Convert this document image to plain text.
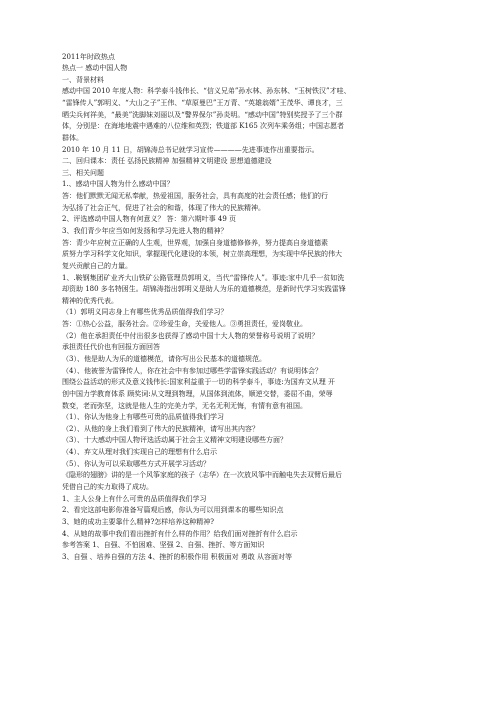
2011年时政热点
热点一 感动中国人物
一、背景材料
感动中国 2010 年度人物：科学泰斗钱伟长、“信义兄弟”孙水林、孙东林、“玉树铁汉”才哇、
“雷锋传人”郭明义、“大山之子”王伟、“草原曼巴”王万青、“英雄翁婿”王茂华、谭良才，三
晒尖兵何祥美，“最美”洗脚妹刘丽以及“警界保尔”孙炎明。“感动中国”特别奖授予了三个群
体，分别是：在海地地震中遇难的八位维和英烈；铁道部 K165 次列车乘务组；中国志愿者
群体。
2010 年 10 月 11 日，胡锦涛总书记就学习宣传————先进事迹作出重要指示。
二、回归课本：责任 弘扬民族精神 加强精神文明建设 思想道德建设
三、相关问题
1.、感动中国人物为什么感动中国？
答：他们默默无闻无私奉献，热爱祖国，服务社会，具有高度的社会责任感；他们的行
为弘扬了社会正气，促进了社会的和谐，体现了伟大的民族精神。
2、评选感动中国人物有何意义？ 答：第六期叶事 49 页
3、我们青少年应当如何发扬和学习先进人物的精神？
答：青少年应树立正确的人生观，世界观，加强自身道德修修养，努力提高自身道德素
质努力学习科学文化知识，掌握现代化建设的本领，树立崇高理想，为实现中华民族的伟大
复兴贡献自己的力量。
1、.鞍钢集团矿业齐大山铁矿公路管理员郭明义，当代“雷锋传人”。事迹:家中几乎一贫如洗
却资助 180 多名特困生。胡锦涛指出郭明义是助人为乐的道德模范，是新时代学习实践雷锋
精神的优秀代表。
（1）郭明义同志身上有哪些优秀品质值得我们学习？
答：①热心公益，服务社会。②珍爱生命，关爱他人。③勇担责任，爱岗敬业。
（2）他在承担责任中付出很多也获得了感动中国十大人物的荣誉称号说明了说明？
承担责任代价也有回报方面回答
（3）、他是助人为乐的道德模范，请你写出公民基本的道德规范。
（4）、他被誉为雷锋传人，你在社会中有参加过哪些学雷锋实践活动？有说明体会？
围绕公益活动的形式及意义钱伟长:国家利益重于一切的科学泰斗，事迹:为国弃文从理 开
创中国力学教育体系 顾奖词:从文理到物理，从国体到流体，顺逆交替，委屈不曲，荣辱
数变，老而弥坚，这就是他人生的完美力学，无名无利无悔，有情有意有祖国。
（1）、你认为他身上有哪些可贵的品质值得我们学习
（2）、从他的身上我们看到了伟大的民族精神，请写出其内容？
（3）、十大感动中国人物评选活动属于社会主义精神文明建设哪些方面？
（4）、弃文从理对我们实现自己的理想有什么启示
（5）、你认为可以采取哪些方式开展学习活动？
《隐形的翅膀》讲的是一个风筝家庭的孩子（志华）在一次放风筝中而触电失去双臂后最后
凭借自己的实力取得了成功。
1、主人公身上有什么可贵的品质值得我们学习
2、看完这部电影你准备写篇观后感，你认为可以用到课本的哪些知识点
3、她的成功主要靠什么精神?怎样培养这种精神?
4、从她的故事中我们看出挫折有什么样的作用？给我们面对挫折有什么启示
参考答案 1、自强、不怕困难、坚强 2、自强、挫折、等方面知识
3、自强 、培养自强的方法 4、挫折的积极作用 积极面对 勇敢 从容面对等
